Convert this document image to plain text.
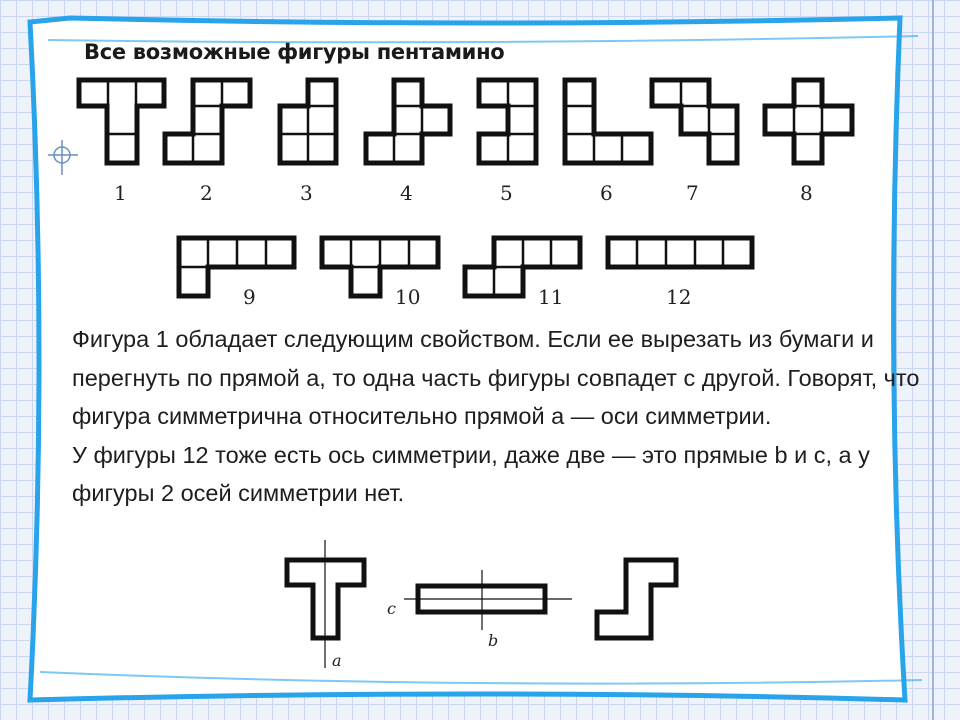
Все возможные фигуры пентамино
1	2	3	4	5	6	7	8
9	10	11	12
a
b
c

Фигура 1 обладает следующим свойством. Если ее вырезать из бумаги и перегнуть по прямой а, то одна часть фигуры совпадет с другой. Говорят, что фигура симметрична относительно прямой а — оси симметрии.

У фигуры 12 тоже есть ось симметрии, даже две — это прямые b и с, а у фигуры 2 осей симметрии нет.
